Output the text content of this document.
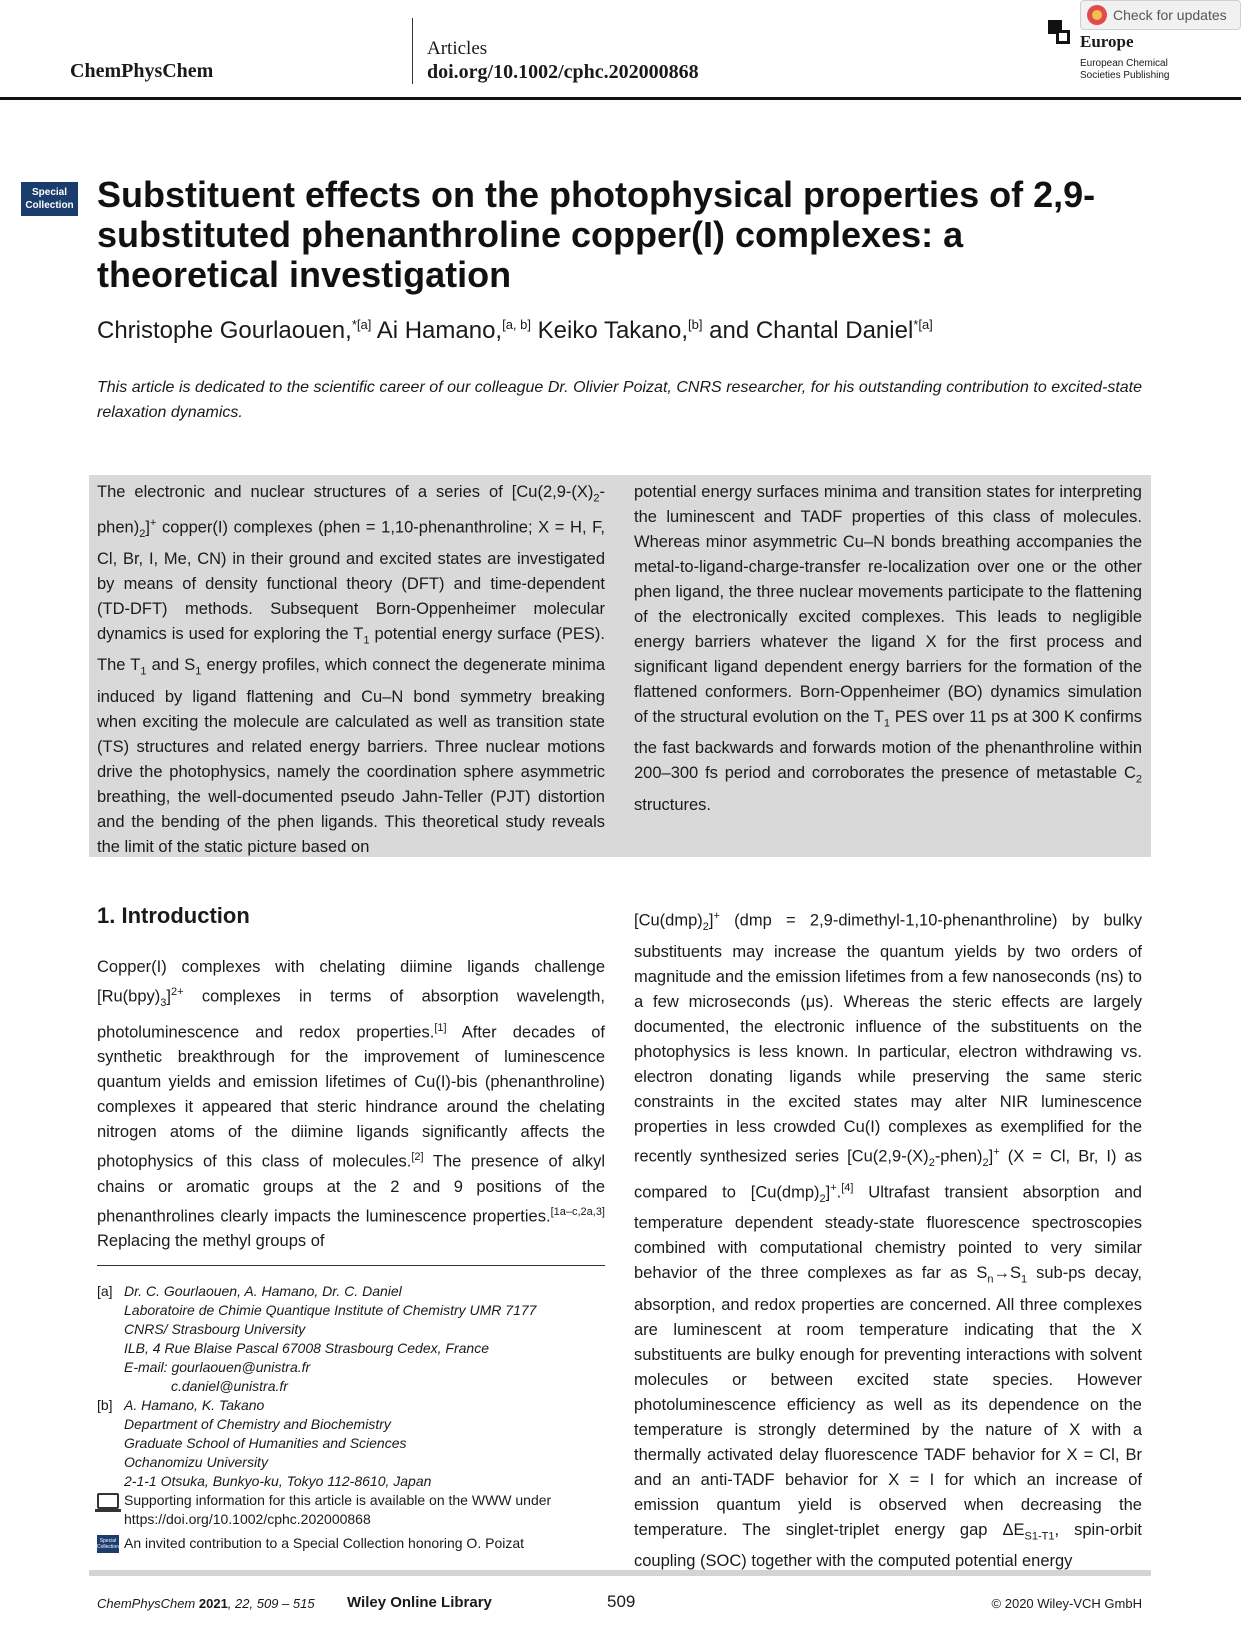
ChemPhysChem
Articles
doi.org/10.1002/cphc.202000868
Europe
European Chemical Societies Publishing
Check for updates
Special
Collection Substituent effects on the photophysical properties of 2,9-substituted phenanthroline copper(I) complexes: a theoretical investigation
Christophe Gourlaouen,$^{*[a]}$ Ai Hamano,[a, b] Keiko Takano,[b] and Chantal Daniel$^{*[a]}$

This article is dedicated to the scientific career of our colleague Dr. Olivier Poizat, CNRS researcher, for his outstanding contribution to excited-state relaxation dynamics.

The electronic and nuclear structures of a series of $[Cu(2,9-(X)_2-phen)_2]^+$ copper(I) complexes (phen = 1,10-phenanthroline; X = H, F, Cl, Br, I, Me, CN) in their ground and excited states are investigated by means of density functional theory (DFT) and time-dependent (TD-DFT) methods. Subsequent Born-Oppenheimer molecular dynamics is used for exploring the $T_1$ potential energy surface (PES). The $T_1$ and $S_1$ energy profiles, which connect the degenerate minima induced by ligand flattening and Cu–N bond symmetry breaking when exciting the molecule are calculated as well as transition state (TS) structures and related energy barriers. Three nuclear motions drive the photophysics, namely the coordination sphere asymmetric breathing, the well-documented pseudo Jahn-Teller (PJT) distortion and the bending of the phen ligands. This theoretical study reveals the limit of the static picture based on

potential energy surfaces minima and transition states for interpreting the luminescent and TADF properties of this class of molecules. Whereas minor asymmetric Cu–N bonds breathing accompanies the metal-to-ligand-charge-transfer re-localization over one or the other phen ligand, the three nuclear movements participate to the flattening of the electronically excited complexes. This leads to negligible energy barriers whatever the ligand X for the first process and significant ligand dependent energy barriers for the formation of the flattened conformers. Born-Oppenheimer (BO) dynamics simulation of the structural evolution on the $T_1$ PES over 11 ps at 300 K confirms the fast backwards and forwards motion of the phenanthroline within 200–300 fs period and corroborates the presence of metastable $C_2$ structures.

1. Introduction

Copper(I) complexes with chelating diimine ligands challenge $[Ru(bpy)_3]^{2+}$ complexes in terms of absorption wavelength, photoluminescence and redox properties.[1] After decades of synthetic breakthrough for the improvement of luminescence quantum yields and emission lifetimes of Cu(I)-bis (phenanthroline) complexes it appeared that steric hindrance around the chelating nitrogen atoms of the diimine ligands significantly affects the photophysics of this class of molecules.[2] The presence of alkyl chains or aromatic groups at the 2 and 9 positions of the phenanthrolines clearly impacts the luminescence properties.[1a–c,2a,3] Replacing the methyl groups of

$[Cu(dmp)_2]^+$ (dmp = 2,9-dimethyl-1,10-phenanthroline) by bulky substituents may increase the quantum yields by two orders of magnitude and the emission lifetimes from a few nanoseconds (ns) to a few microseconds (μs). Whereas the steric effects are largely documented, the electronic influence of the substituents on the photophysics is less known. In particular, electron withdrawing vs. electron donating ligands while preserving the same steric constraints in the excited states may alter NIR luminescence properties in less crowded Cu(I) complexes as exemplified for the recently synthesized series $[Cu(2,9-(X)_2-phen)_2]^+$ (X = Cl, Br, I) as compared to $[Cu(dmp)_2]^+.[4]$ Ultrafast transient absorption and temperature dependent steady-state fluorescence spectroscopies combined with computational chemistry pointed to very similar behavior of the three complexes as far as $S_n\to S_1$ sub-ps decay, absorption, and redox properties are concerned. All three complexes are luminescent at room temperature indicating that the X substituents are bulky enough for preventing interactions with solvent molecules or between excited state species. However photoluminescence efficiency as well as its dependence on the temperature is strongly determined by the nature of X with a thermally activated delay fluorescence TADF behavior for X = Cl, Br and an anti-TADF behavior for X = I for which an increase of emission quantum yield is observed when decreasing the temperature. The singlet-triplet energy gap $\Delta E_{S1-T1}$, spin-orbit coupling (SOC) together with the computed potential energy

[a] Dr. C. Gourlaouen, A. Hamano, Dr. C. Daniel
Laboratoire de Chimie Quantique Institute of Chemistry UMR 7177
CNRS/ Strasbourg University
ILB, 4 Rue Blaise Pascal 67008 Strasbourg Cedex, France
E-mail: gourlaouen@unistra.fr
c.daniel@unistra.fr
[b] A. Hamano, K. Takano
Department of Chemistry and Biochemistry
Graduate School of Humanities and Sciences
Ochanomizu University
2-1-1 Otsuka, Bunkyo-ku, Tokyo 112-8610, Japan
Supporting information for this article is available on the WWW under https://doi.org/10.1002/cphc.202000868
Special
Collection An invited contribution to a Special Collection honoring O. Poizat
ChemPhysChem 2021, 22, 509 – 515 Wiley Online Library	509	© 2020 Wiley-VCH GmbH
